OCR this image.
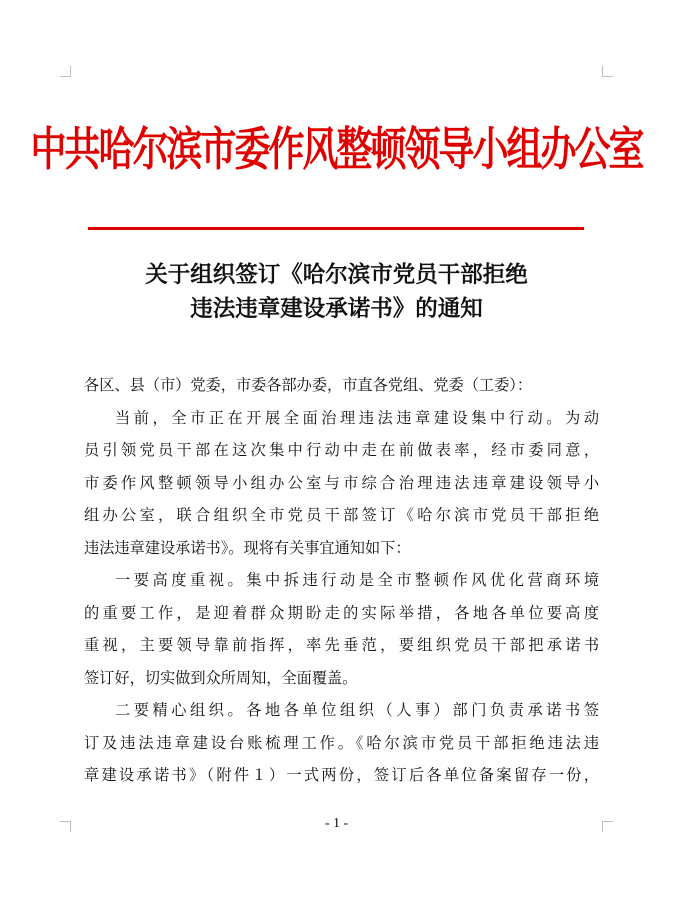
中共哈尔滨市委作风整顿领导小组办公室
关于组织签订《哈尔滨市党员干部拒绝
违法违章建设承诺书》的通知
各区、县（市）党委，市委各部办委，市直各党组、党委（工委）：
当前，全市正在开展全面治理违法违章建设集中行动。为动
员引领党员干部在这次集中行动中走在前做表率，经市委同意，
市委作风整顿领导小组办公室与市综合治理违法违章建设领导小
组办公室，联合组织全市党员干部签订《哈尔滨市党员干部拒绝
违法违章建设承诺书》。现将有关事宜通知如下：
一要高度重视。集中拆违行动是全市整顿作风优化营商环境
的重要工作，是迎着群众期盼走的实际举措，各地各单位要高度
重视，主要领导靠前指挥，率先垂范，要组织党员干部把承诺书
签订好，切实做到众所周知，全面覆盖。
二要精心组织。各地各单位组织（人事）部门负责承诺书签
订及违法违章建设台账梳理工作。《哈尔滨市党员干部拒绝违法违
章建设承诺书》（附件１）一式两份，签订后各单位备案留存一份，
- 1 -
